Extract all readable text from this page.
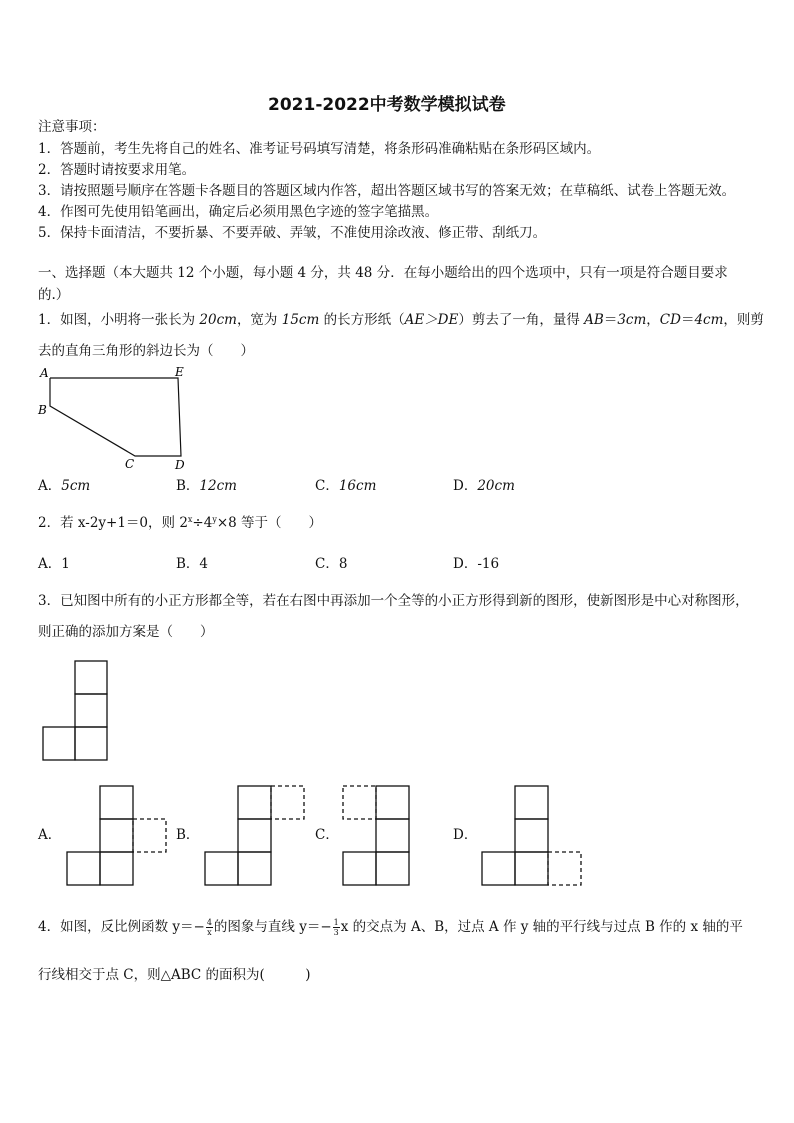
2021-2022中考数学模拟试卷
注意事项：
1．答题前，考生先将自己的姓名、准考证号码填写清楚，将条形码准确粘贴在条形码区域内。
2．答题时请按要求用笔。
3．请按照题号顺序在答题卡各题目的答题区域内作答，超出答题区域书写的答案无效；在草稿纸、试卷上答题无效。
4．作图可先使用铅笔画出，确定后必须用黑色字迹的签字笔描黑。
5．保持卡面清洁，不要折暴、不要弄破、弄皱，不准使用涂改液、修正带、刮纸刀。
一、选择题（本大题共 12 个小题，每小题 4 分，共 48 分．在每小题给出的四个选项中，只有一项是符合题目要求
的.）
1．如图，小明将一张长为 20cm，宽为 15cm 的长方形纸（AE＞DE）剪去了一角，量得 AB＝3cm，CD＝4cm，则剪
去的直角三角形的斜边长为（　　）
A	E
B
C	D
A．5cm	B．12cm	C．16cm	D．20cm
2．若 x-2y+1＝0，则 $2^x\div 4^y\times 8$ 等于（　　）
A．1	B．4	C．8	D．-16
3．已知图中所有的小正方形都全等，若在右图中再添加一个全等的小正方形得到新的图形，使新图形是中心对称图形，
则正确的添加方案是（　　）
A．	B．	C．	D．
4．如图，反比例函数 $y=- \frac{4}{x}$ 的图象与直线 $y=- \frac{1}{3}$ x 的交点为 A、B，过点 A 作 y 轴的平行线与过点 B 作的 x 轴的平
行线相交于点 C，则△ABC 的面积为(　　　)
